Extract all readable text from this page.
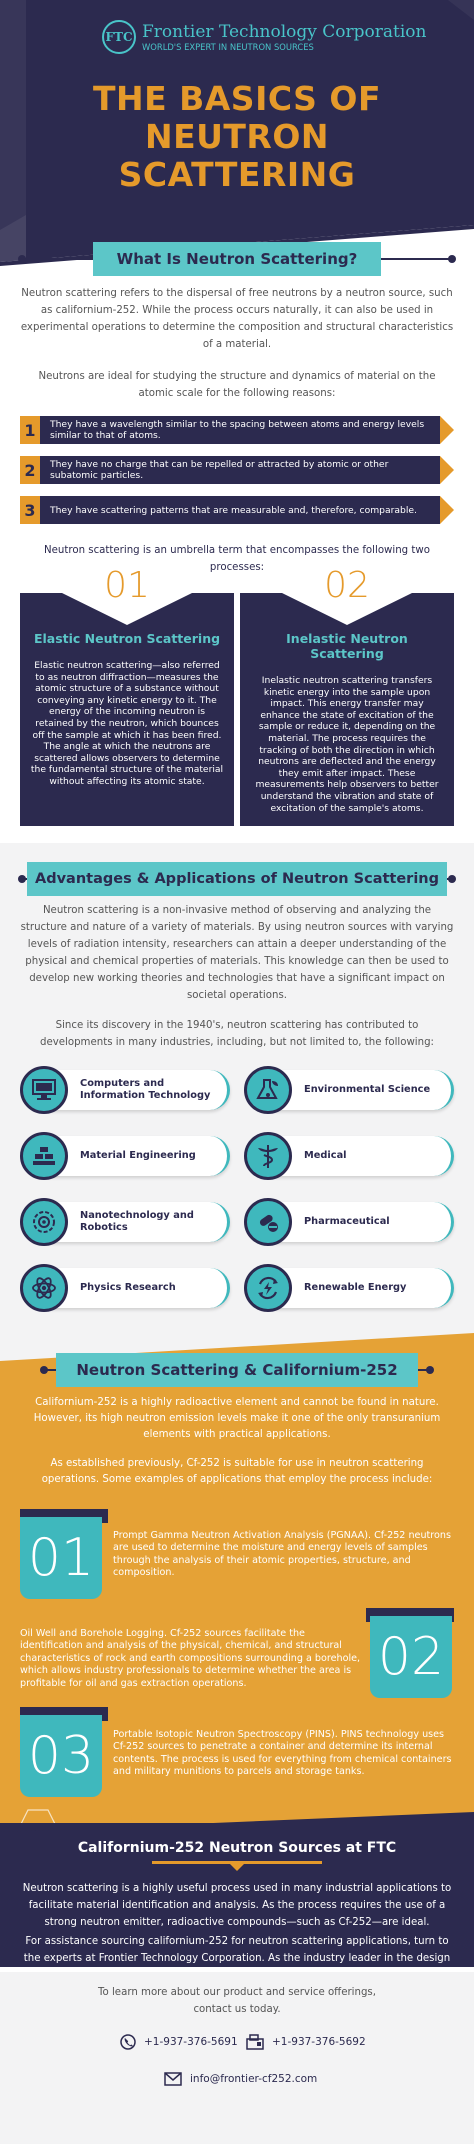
FTC Frontier Technology Corporation
WORLD'S EXPERT IN NEUTRON SOURCES
THE BASICS OF
NEUTRON
SCATTERING
What Is Neutron Scattering?
Neutron scattering refers to the dispersal of free neutrons by a neutron source, such as californium-252. While the process occurs naturally, it can also be used in experimental operations to determine the composition and structural characteristics of a material.
Neutrons are ideal for studying the structure and dynamics of material on the atomic scale for the following reasons:
1	They have a wavelength similar to the spacing between atoms and energy levels similar to that of atoms.
2	They have no charge that can be repelled or attracted by atomic or other subatomic particles.
3	They have scattering patterns that are measurable and, therefore, comparable.
Neutron scattering is an umbrella term that encompasses the following two processes:
Elastic Neutron Scattering
Elastic neutron scattering—also referred to as neutron diffraction—measures the atomic structure of a substance without conveying any kinetic energy to it. The energy of the incoming neutron is retained by the neutron, which bounces off the sample at which it has been fired. The angle at which the neutrons are scattered allows observers to determine the fundamental structure of the material without affecting its atomic state.
Inelastic Neutron Scattering
Inelastic neutron scattering transfers kinetic energy into the sample upon impact. This energy transfer may enhance the state of excitation of the sample or reduce it, depending on the material. The process requires the tracking of both the direction in which neutrons are deflected and the energy they emit after impact. These measurements help observers to better understand the vibration and state of excitation of the sample's atoms.
01	02
Advantages & Applications of Neutron Scattering
Neutron scattering is a non-invasive method of observing and analyzing the structure and nature of a variety of materials. By using neutron sources with varying levels of radiation intensity, researchers can attain a deeper understanding of the physical and chemical properties of materials. This knowledge can then be used to develop new working theories and technologies that have a significant impact on societal operations.
Since its discovery in the 1940's, neutron scattering has contributed to developments in many industries, including, but not limited to, the following:
Computers and Information Technology
Environmental Science
Material Engineering	Medical
Nanotechnology and Robotics
Pharmaceutical
Physics Research	Renewable Energy
Neutron Scattering & Californium-252
Californium-252 is a highly radioactive element and cannot be found in nature. However, its high neutron emission levels make it one of the only transuranium elements with practical applications.
As established previously, Cf-252 is suitable for use in neutron scattering operations. Some examples of applications that employ the process include:
01	Prompt Gamma Neutron Activation Analysis (PGNAA). Cf-252 neutrons are used to determine the moisture and energy levels of samples through the analysis of their atomic properties, structure, and composition.
02
Oil Well and Borehole Logging. Cf-252 sources facilitate the identification and analysis of the physical, chemical, and structural characteristics of rock and earth compositions surrounding a borehole, which allows industry professionals to determine whether the area is profitable for oil and gas extraction operations.
03	Portable Isotopic Neutron Spectroscopy (PINS). PINS technology uses Cf-252 sources to penetrate a container and determine its internal contents. The process is used for everything from chemical containers and military munitions to parcels and storage tanks.
Californium-252 Neutron Sources at FTC
Neutron scattering is a highly useful process used in many industrial applications to facilitate material identification and analysis. As the process requires the use of a strong neutron emitter, radioactive compounds—such as Cf-252—are ideal.
For assistance sourcing californium-252 for neutron scattering applications, turn to the experts at Frontier Technology Corporation. As the industry leader in the design
To learn more about our product and service offerings, contact us today.
+1-937-376-5691	+1-937-376-5692
info@frontier-cf252.com
